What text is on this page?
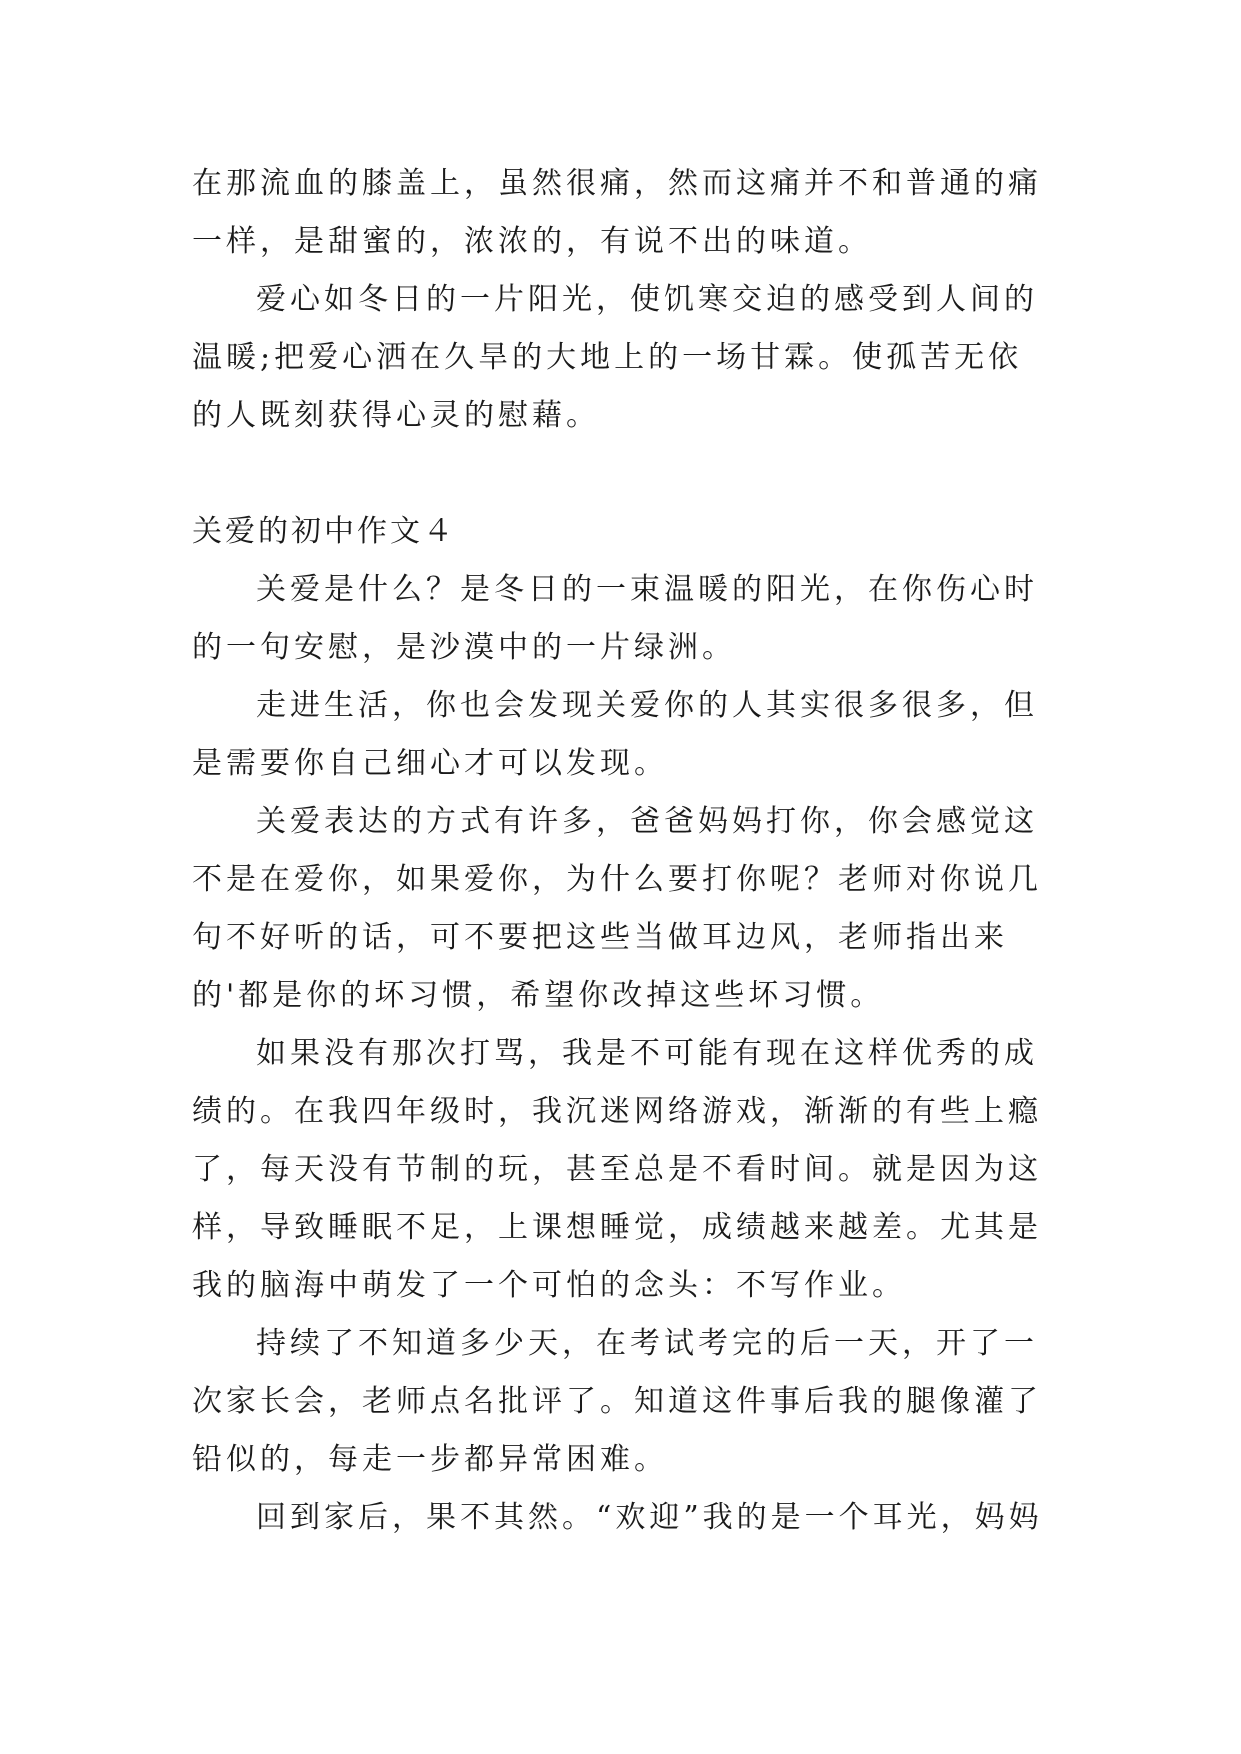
在那流血的膝盖上，虽然很痛，然而这痛并不和普通的痛一样，是甜蜜的，浓浓的，有说不出的味道。

爱心如冬日的一片阳光，使饥寒交迫的感受到人间的温暖;把爱心洒在久旱的大地上的一场甘霖。使孤苦无依的人既刻获得心灵的慰藉。

关爱的初中作文４

关爱是什么？是冬日的一束温暖的阳光，在你伤心时的一句安慰，是沙漠中的一片绿洲。

走进生活，你也会发现关爱你的人其实很多很多，但是需要你自己细心才可以发现。

关爱表达的方式有许多，爸爸妈妈打你，你会感觉这不是在爱你，如果爱你，为什么要打你呢？老师对你说几句不好听的话，可不要把这些当做耳边风，老师指出来的'都是你的坏习惯，希望你改掉这些坏习惯。

如果没有那次打骂，我是不可能有现在这样优秀的成绩的。在我四年级时，我沉迷网络游戏，渐渐的有些上瘾了，每天没有节制的玩，甚至总是不看时间。就是因为这样，导致睡眠不足，上课想睡觉，成绩越来越差。尤其是我的脑海中萌发了一个可怕的念头：不写作业。

持续了不知道多少天，在考试考完的后一天，开了一次家长会，老师点名批评了。知道这件事后我的腿像灌了铅似的，每走一步都异常困难。

回到家后，果不其然。“欢迎”我的是一个耳光，妈妈
